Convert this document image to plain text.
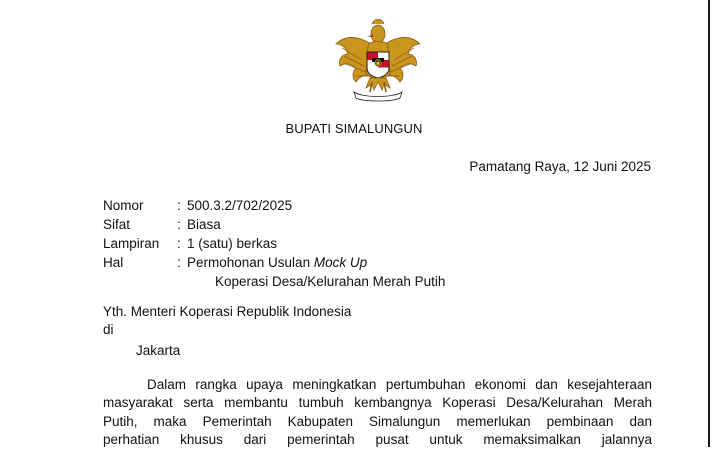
BUPATI SIMALUNGUN
Pamatang Raya, 12 Juni 2025
Nomor : 500.3.2/702/2025
Sifat	: Biasa
Lampiran : 1 (satu) berkas
Hal	: Permohonan Usulan Mock Up
Koperasi Desa/Kelurahan Merah Putih
Yth. Menteri Koperasi Republik Indonesia
di
Jakarta
Dalam rangka upaya meningkatkan pertumbuhan ekonomi dan kesejahteraan
masyarakat serta membantu tumbuh kembangnya Koperasi Desa/Kelurahan Merah
Putih, maka Pemerintah Kabupaten Simalungun memerlukan pembinaan dan
perhatian khusus dari pemerintah pusat untuk memaksimalkan jalannya
